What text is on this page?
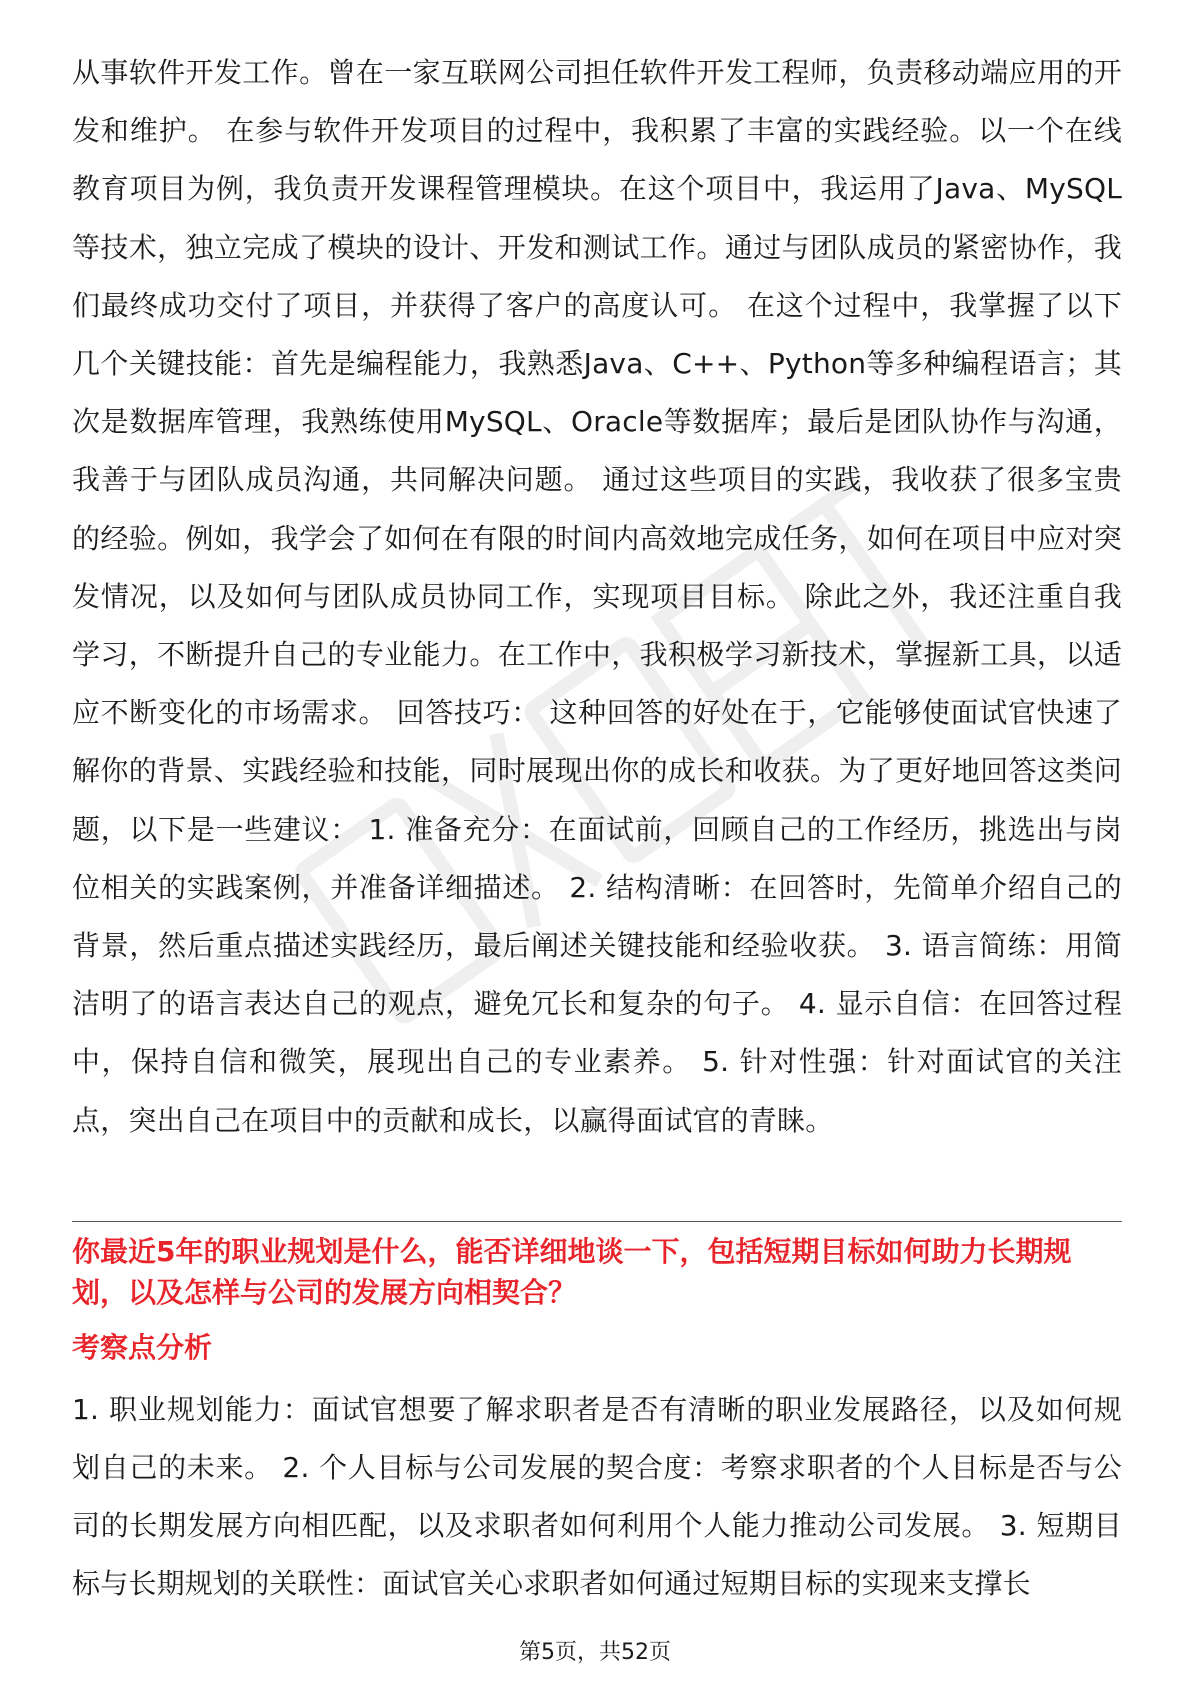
从事软件开发工作。曾在一家互联网公司担任软件开发工程师，负责移动端应用的开发和维护。 在参与软件开发项目的过程中，我积累了丰富的实践经验。以一个在线教育项目为例，我负责开发课程管理模块。在这个项目中，我运用了Java、MySQL等技术，独立完成了模块的设计、开发和测试工作。通过与团队成员的紧密协作，我们最终成功交付了项目，并获得了客户的高度认可。 在这个过程中，我掌握了以下几个关键技能：首先是编程能力，我熟悉Java、C++、Python等多种编程语言；其次是数据库管理，我熟练使用MySQL、Oracle等数据库；最后是团队协作与沟通，我善于与团队成员沟通，共同解决问题。 通过这些项目的实践，我收获了很多宝贵的经验。例如，我学会了如何在有限的时间内高效地完成任务，如何在项目中应对突发情况，以及如何与团队成员协同工作，实现项目目标。 除此之外，我还注重自我学习，不断提升自己的专业能力。在工作中，我积极学习新技术，掌握新工具，以适应不断变化的市场需求。 回答技巧： 这种回答的好处在于，它能够使面试官快速了解你的背景、实践经验和技能，同时展现出你的成长和收获。为了更好地回答这类问题，以下是一些建议： 1. 准备充分：在面试前，回顾自己的工作经历，挑选出与岗位相关的实践案例，并准备详细描述。 2. 结构清晰：在回答时，先简单介绍自己的背景，然后重点描述实践经历，最后阐述关键技能和经验收获。 3. 语言简练：用简洁明了的语言表达自己的观点，避免冗长和复杂的句子。 4. 显示自信：在回答过程中，保持自信和微笑，展现出自己的专业素养。 5. 针对性强：针对面试官的关注点，突出自己在项目中的贡献和成长，以赢得面试官的青睐。

你最近5年的职业规划是什么，能否详细地谈一下，包括短期目标如何助力长期规划，以及怎样与公司的发展方向相契合？

考察点分析

1. 职业规划能力：面试官想要了解求职者是否有清晰的职业发展路径，以及如何规划自己的未来。 2. 个人目标与公司发展的契合度：考察求职者的个人目标是否与公司的长期发展方向相匹配，以及求职者如何利用个人能力推动公司发展。 3. 短期目标与长期规划的关联性：面试官关心求职者如何通过短期目标的实现来支撑长

第5页，共52页
